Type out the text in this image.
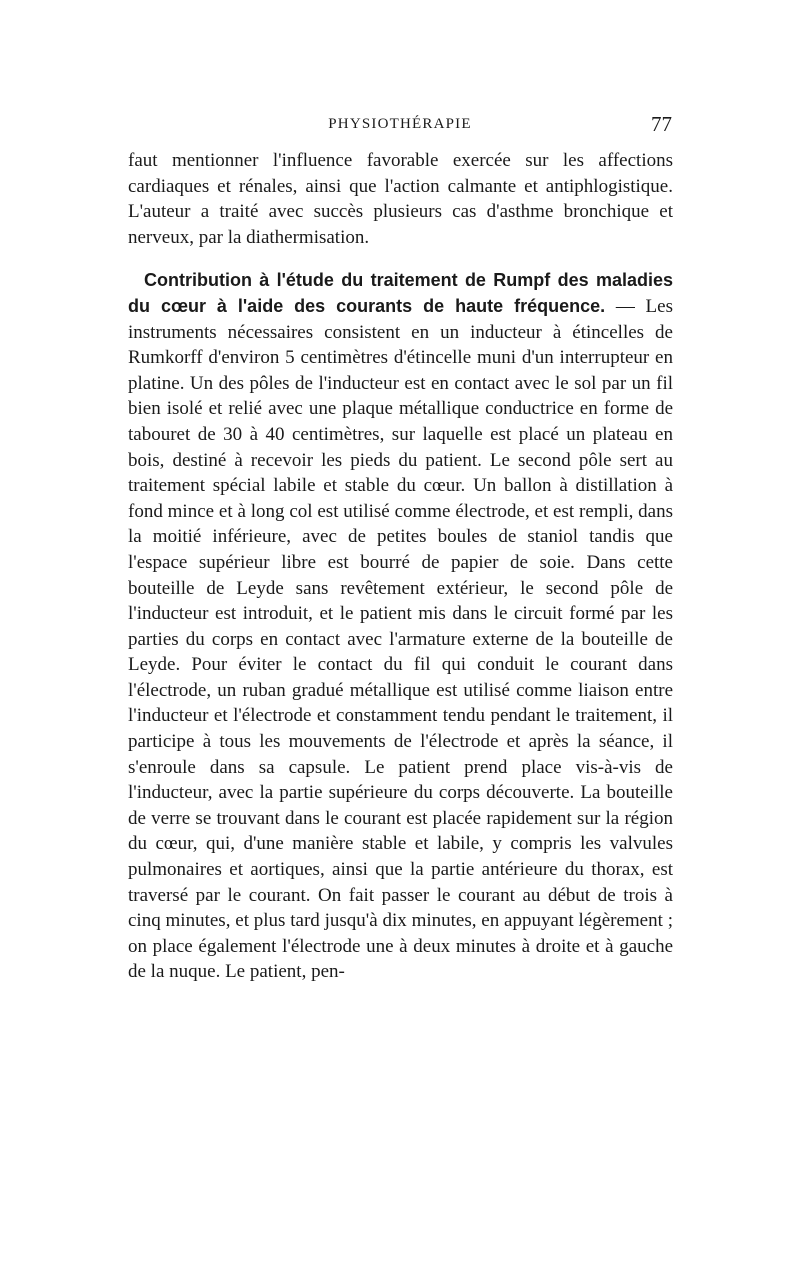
PHYSIOTHÉRAPIE	77

faut mentionner l'influence favorable exercée sur les affections cardiaques et rénales, ainsi que l'action calmante et antiphlogistique. L'auteur a traité avec succès plusieurs cas d'asthme bronchique et nerveux, par la diathermisation.

Contribution à l'étude du traitement de Rumpf des maladies du cœur à l'aide des courants de haute fréquence. — Les instruments nécessaires consistent en un inducteur à étincelles de Rumkorff d'environ 5 centimètres d'étincelle muni d'un interrupteur en platine. Un des pôles de l'inducteur est en contact avec le sol par un fil bien isolé et relié avec une plaque métallique conductrice en forme de tabouret de 30 à 40 centimètres, sur laquelle est placé un plateau en bois, destiné à recevoir les pieds du patient. Le second pôle sert au traitement spécial labile et stable du cœur. Un ballon à distillation à fond mince et à long col est utilisé comme électrode, et est rempli, dans la moitié inférieure, avec de petites boules de staniol tandis que l'espace supérieur libre est bourré de papier de soie. Dans cette bouteille de Leyde sans revêtement extérieur, le second pôle de l'inducteur est introduit, et le patient mis dans le circuit formé par les parties du corps en contact avec l'armature externe de la bouteille de Leyde. Pour éviter le contact du fil qui conduit le courant dans l'électrode, un ruban gradué métallique est utilisé comme liaison entre l'inducteur et l'électrode et constamment tendu pendant le traitement, il participe à tous les mouvements de l'électrode et après la séance, il s'enroule dans sa capsule. Le patient prend place vis-à-vis de l'inducteur, avec la partie supérieure du corps découverte. La bouteille de verre se trouvant dans le courant est placée rapidement sur la région du cœur, qui, d'une manière stable et labile, y compris les valvules pulmonaires et aortiques, ainsi que la partie antérieure du thorax, est traversé par le courant. On fait passer le courant au début de trois à cinq minutes, et plus tard jusqu'à dix minutes, en appuyant légèrement ; on place également l'électrode une à deux minutes à droite et à gauche de la nuque. Le patient, pen-
